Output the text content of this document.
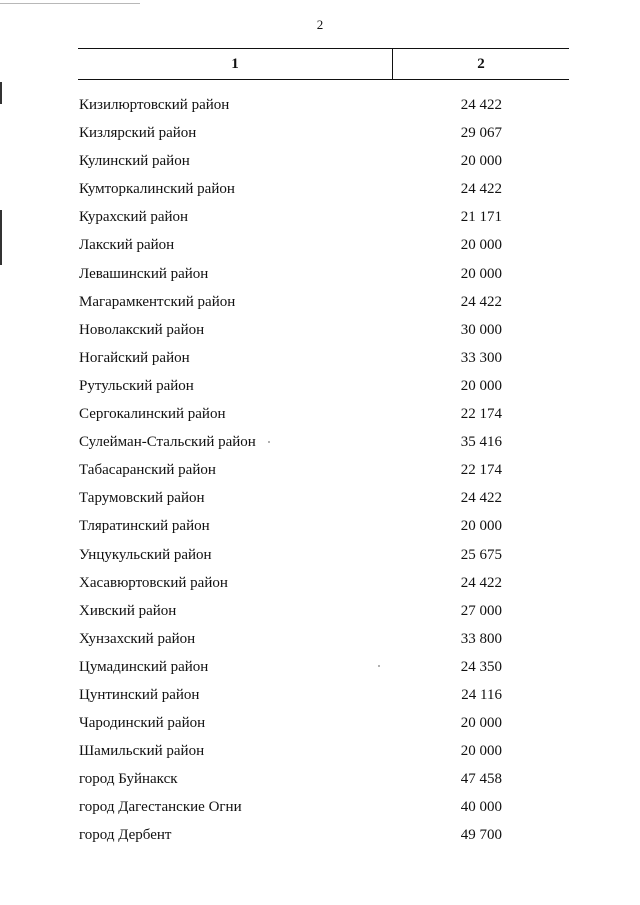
2
1	2
Кизилюртовский район	24 422
Кизлярский район	29 067
Кулинский район	20 000
Кумторкалинский район	24 422
Курахский район	21 171
Лакский район	20 000
Левашинский район	20 000
Магарамкентский район	24 422
Новолакский район	30 000
Ногайский район	33 300
Рутульский район	20 000
Сергокалинский район	22 174
Сулейман-Стальский район	35 416
Табасаранский район	22 174
Тарумовский район	24 422
Тляратинский район	20 000
Унцукульский район	25 675
Хасавюртовский район	24 422
Хивский район	27 000
Хунзахский район	33 800
Цумадинский район	24 350
Цунтинский район	24 116
Чародинский район	20 000
Шамильский район	20 000
город Буйнакск	47 458
город Дагестанские Огни	40 000
город Дербент	49 700
